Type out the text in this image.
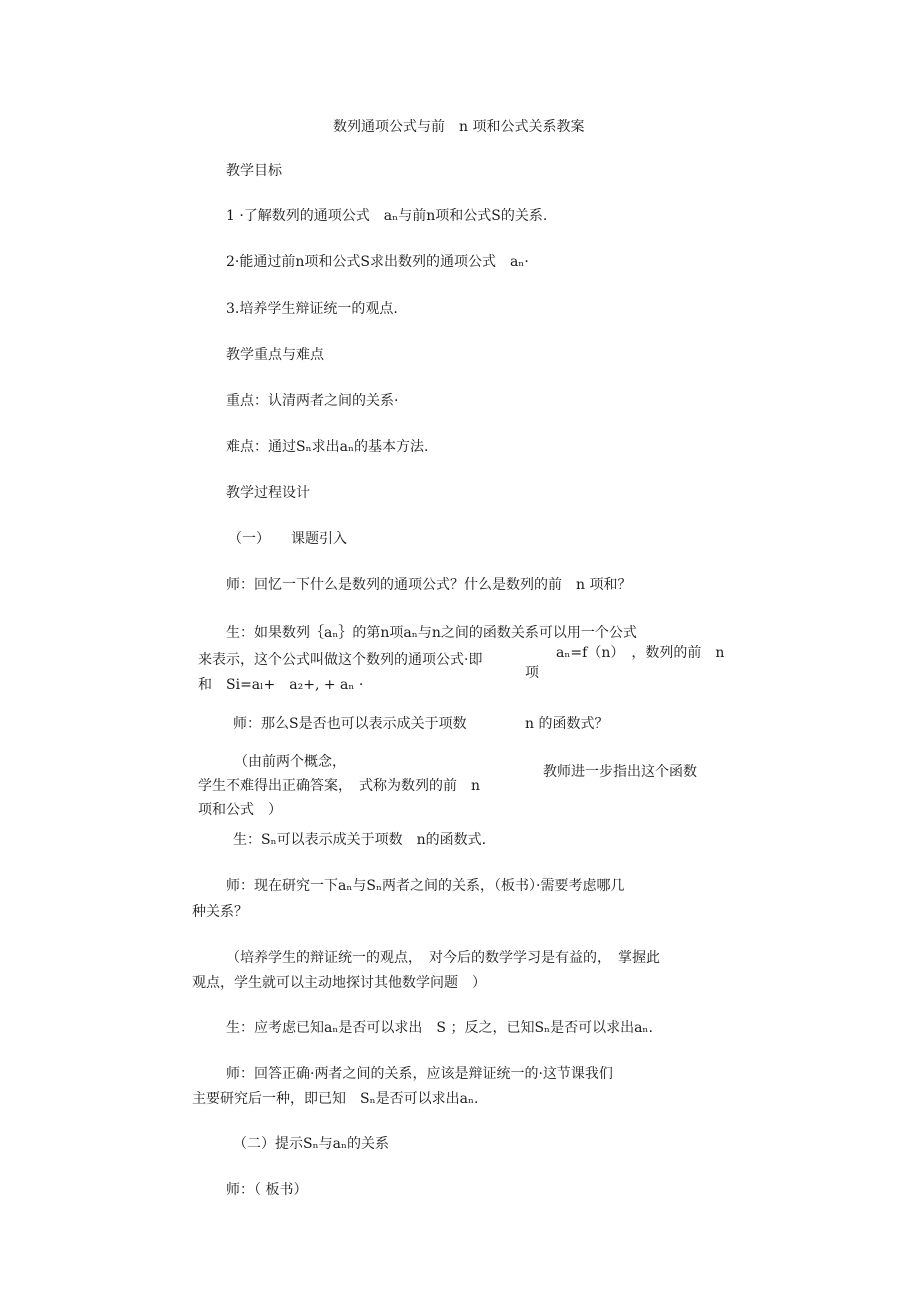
数列通项公式与前　n 项和公式关系教案
教学目标
1 ·了解数列的通项公式　aₙ与前n项和公式S的关系.
2·能通过前n项和公式S求出数列的通项公式　aₙ·
3.培养学生辩证统一的观点.
教学重点与难点
重点：认清两者之间的关系·
难点：通过Sₙ求出aₙ的基本方法.
教学过程设计
（一）　　课题引入
师：回忆一下什么是数列的通项公式？什么是数列的前　n 项和？
生：如果数列｛aₙ｝的第n项aₙ与n之间的函数关系可以用一个公式
来表示，这个公式叫做这个数列的通项公式·即	aₙ=f（n）　，数列的前　n
项
和　Si=aₗ+　a₂+, + aₙ ·
师：那么S是否也可以表示成关于项数	n 的函数式？
（由前两个概念，
学生不难得出正确答案，　式称为数列的前　n
项和公式　）
教师进一步指出这个函数
生：Sₙ可以表示成关于项数　n的函数式.
师：现在研究一下aₙ与Sₙ两者之间的关系，（板书）·需要考虑哪几
种关系？
（培养学生的辩证统一的观点，　对今后的数学学习是有益的，　掌握此
观点，学生就可以主动地探讨其他数学问题　）
生：应考虑已知aₙ是否可以求出　S ；反之，已知Sₙ是否可以求出aₙ.
师：回答正确·两者之间的关系，应该是辩证统一的·这节课我们
主要研究后一种，即已知　Sₙ是否可以求出aₙ.
（二）提示Sₙ与aₙ的关系
师：（ 板书）
